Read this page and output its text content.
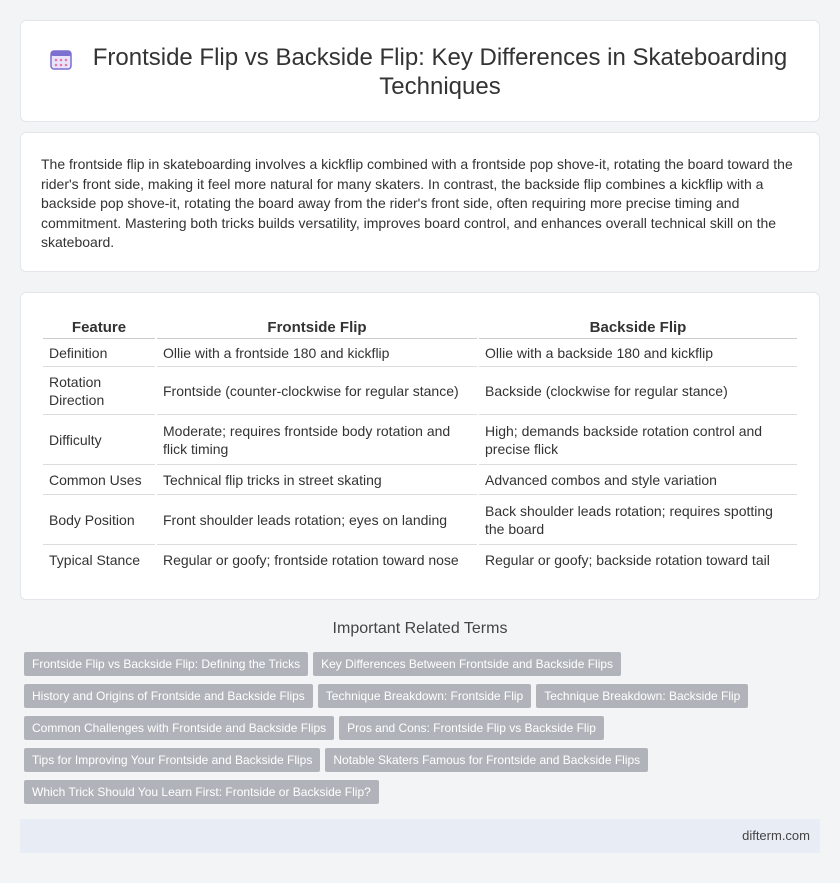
Frontside Flip vs Backside Flip: Key Differences in Skateboarding Techniques

The frontside flip in skateboarding involves a kickflip combined with a frontside pop shove-it, rotating the board toward the rider's front side, making it feel more natural for many skaters. In contrast, the backside flip combines a kickflip with a backside pop shove-it, rotating the board away from the rider's front side, often requiring more precise timing and commitment. Mastering both tricks builds versatility, improves board control, and enhances overall technical skill on the skateboard.

Feature	Frontside Flip	Backside Flip
Definition	Ollie with a frontside 180 and kickflip	Ollie with a backside 180 and kickflip
Rotation Direction	Frontside (counter-clockwise for regular stance)	Backside (clockwise for regular stance)
Difficulty	Moderate; requires frontside body rotation and flick timing	High; demands backside rotation control and precise flick
Common Uses	Technical flip tricks in street skating	Advanced combos and style variation
Body Position	Front shoulder leads rotation; eyes on landing	Back shoulder leads rotation; requires spotting the board
Typical Stance	Regular or goofy; frontside rotation toward nose	Regular or goofy; backside rotation toward tail
Important Related Terms
Frontside Flip vs Backside Flip: Defining the Tricks Key Differences Between Frontside and Backside Flips
History and Origins of Frontside and Backside Flips Technique Breakdown: Frontside Flip Technique Breakdown: Backside Flip
Common Challenges with Frontside and Backside Flips Pros and Cons: Frontside Flip vs Backside Flip
Tips for Improving Your Frontside and Backside Flips Notable Skaters Famous for Frontside and Backside Flips
Which Trick Should You Learn First: Frontside or Backside Flip?
difterm.com
